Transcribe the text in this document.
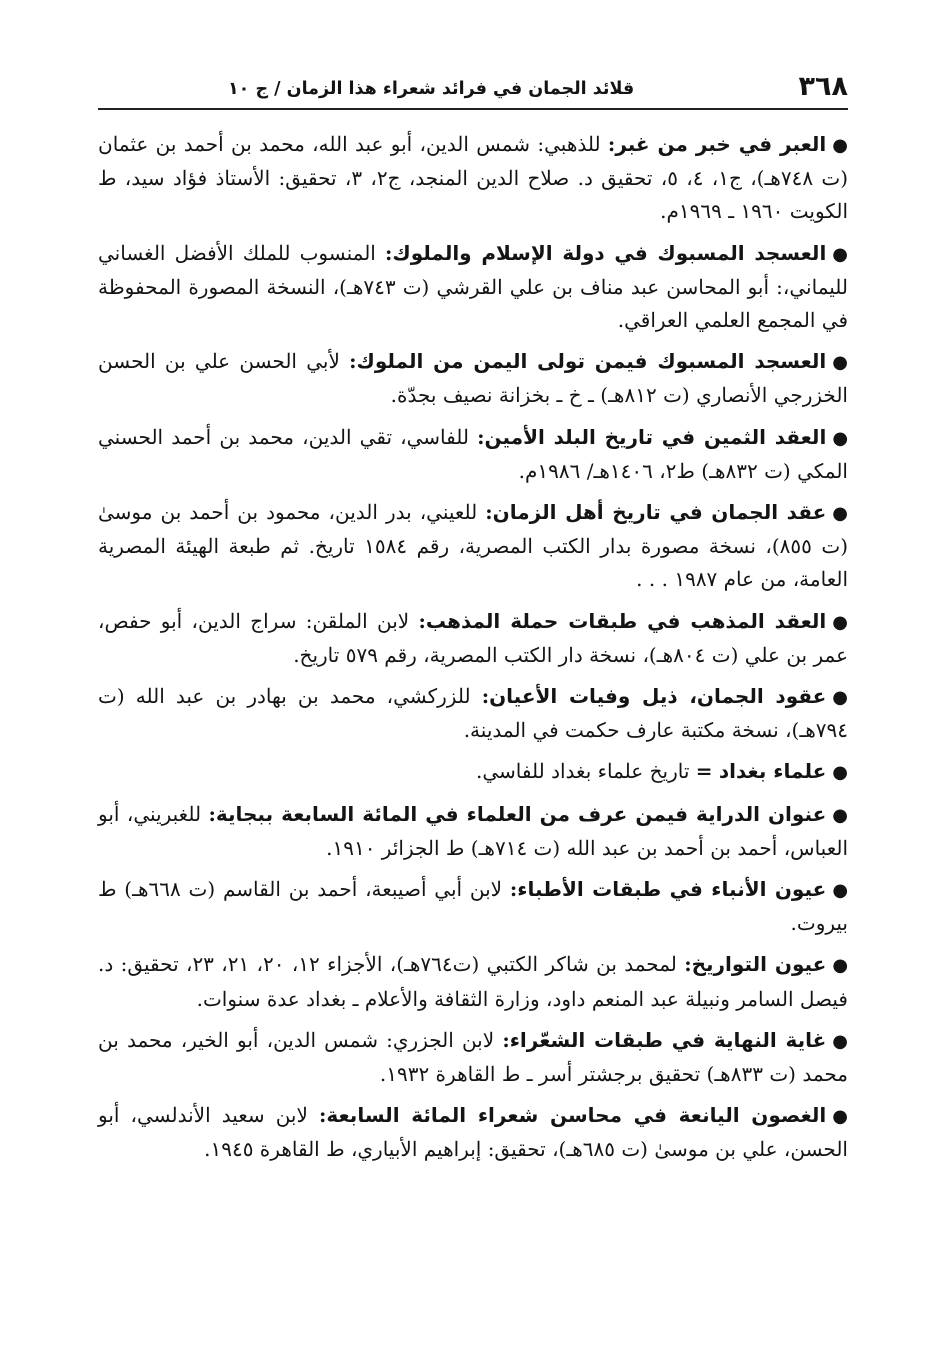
٣٦٨
قلائد الجمان في فرائد شعراء هذا الزمان / ج ١٠

●العبر في خبر من غبر: للذهبي: شمس الدين، أبو عبد الله، محمد بن أحمد بن عثمان (ت ٧٤٨هـ)، ج١، ٤، ٥، تحقيق د. صلاح الدين المنجد، ج٢، ٣، تحقيق: الأستاذ فؤاد سيد، ط الكويت ١٩٦٠ ـ ١٩٦٩م.

●العسجد المسبوك في دولة الإسلام والملوك: المنسوب للملك الأفضل الغساني لليماني،: أبو المحاسن عبد مناف بن علي القرشي (ت ٧٤٣هـ)، النسخة المصورة المحفوظة في المجمع العلمي العراقي.

●العسجد المسبوك فيمن تولى اليمن من الملوك: لأبي الحسن علي بن الحسن الخزرجي الأنصاري (ت ٨١٢هـ) ـ خ ـ بخزانة نصيف بجدّة.

●العقد الثمين في تاريخ البلد الأمين: للفاسي، تقي الدين، محمد بن أحمد الحسني المكي (ت ٨٣٢هـ) ط٢، ١٤٠٦هـ/ ١٩٨٦م.

●عقد الجمان في تاريخ أهل الزمان: للعيني، بدر الدين، محمود بن أحمد بن موسىٰ (ت ٨٥٥)، نسخة مصورة بدار الكتب المصرية، رقم ١٥٨٤ تاريخ. ثم طبعة الهيئة المصرية العامة، من عام ١٩٨٧ . . .

●العقد المذهب في طبقات حملة المذهب: لابن الملقن: سراج الدين، أبو حفص، عمر بن علي (ت ٨٠٤هـ)، نسخة دار الكتب المصرية، رقم ٥٧٩ تاريخ.

●عقود الجمان، ذيل وفيات الأعيان: للزركشي، محمد بن بهادر بن عبد الله (ت ٧٩٤هـ)، نسخة مكتبة عارف حكمت في المدينة.

●علماء بغداد = تاريخ علماء بغداد للفاسي.

●عنوان الدراية فيمن عرف من العلماء في المائة السابعة ببجاية: للغبريني، أبو العباس، أحمد بن أحمد بن عبد الله (ت ٧١٤هـ) ط الجزائر ١٩١٠.

●عيون الأنباء في طبقات الأطباء: لابن أبي أصيبعة، أحمد بن القاسم (ت ٦٦٨هـ) ط بيروت.

●عيون التواريخ: لمحمد بن شاكر الكتبي (ت٧٦٤هـ)، الأجزاء ١٢، ٢٠، ٢١، ٢٣، تحقيق: د. فيصل السامر ونبيلة عبد المنعم داود، وزارة الثقافة والأعلام ـ بغداد عدة سنوات.

●غاية النهاية في طبقات الشعّراء: لابن الجزري: شمس الدين، أبو الخير، محمد بن محمد (ت ٨٣٣هـ) تحقيق برجشتر أسر ـ ط القاهرة ١٩٣٢.

●الغصون اليانعة في محاسن شعراء المائة السابعة: لابن سعيد الأندلسي، أبو الحسن، علي بن موسىٰ (ت ٦٨٥هـ)، تحقيق: إبراهيم الأبياري، ط القاهرة ١٩٤٥.
